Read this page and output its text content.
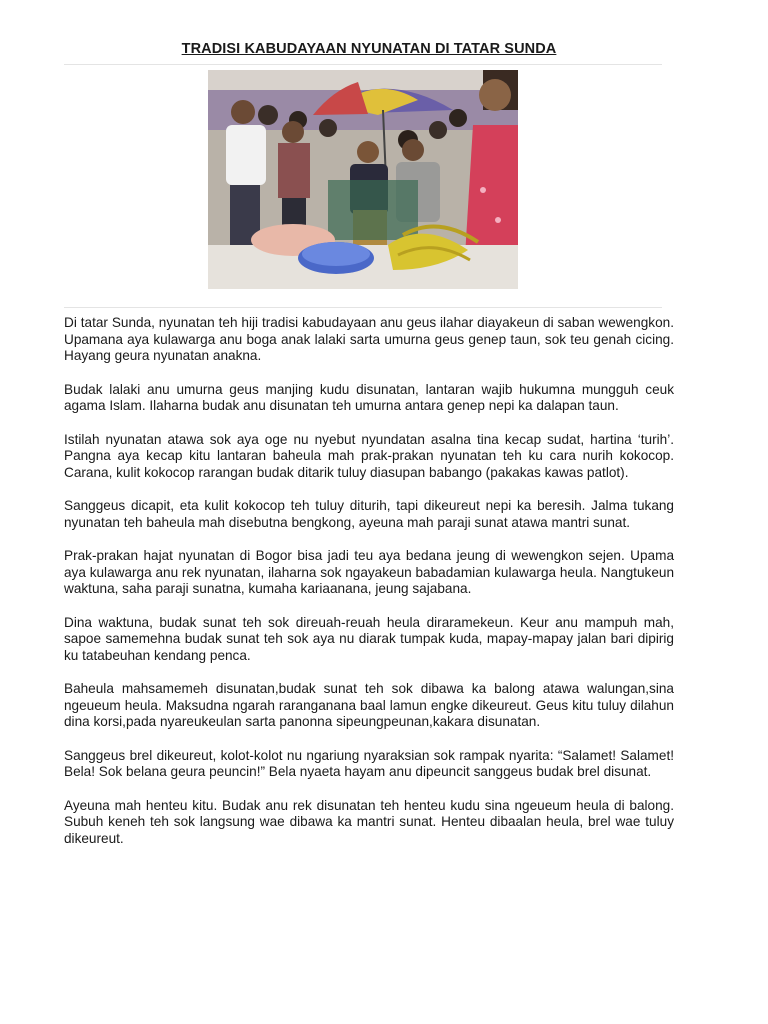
TRADISI KABUDAYAAN NYUNATAN DI TATAR SUNDA

Di tatar Sunda, nyunatan teh hiji tradisi kabudayaan anu geus ilahar diayakeun di saban wewengkon. Upamana aya kulawarga anu boga anak lalaki sarta umurna geus genep taun, sok teu genah cicing. Hayang geura nyunatan anakna.

Budak lalaki anu umurna geus manjing kudu disunatan, lantaran wajib hukumna mungguh ceuk agama Islam. Ilaharna budak anu disunatan teh umurna antara genep nepi ka dalapan taun.

Istilah nyunatan atawa sok aya oge nu nyebut nyundatan asalna tina kecap sudat, hartina ‘turih’. Pangna aya kecap kitu lantaran baheula mah prak-prakan nyunatan teh ku cara nurih kokocop. Carana, kulit kokocop rarangan budak ditarik tuluy diasupan babango (pakakas kawas patlot).

Sanggeus dicapit, eta kulit kokocop teh tuluy diturih, tapi dikeureut nepi ka beresih. Jalma tukang nyunatan teh baheula mah disebutna bengkong, ayeuna mah paraji sunat atawa mantri sunat.

Prak-prakan hajat nyunatan di Bogor bisa jadi teu aya bedana jeung di wewengkon sejen. Upama aya kulawarga anu rek nyunatan, ilaharna sok ngayakeun babadamian kulawarga heula. Nangtukeun waktuna, saha paraji sunatna, kumaha kariaanana, jeung sajabana.

Dina waktuna, budak sunat teh sok direuah-reuah heula diraramekeun. Keur anu mampuh mah, sapoe samemehna budak sunat teh sok aya nu diarak tumpak kuda, mapay-mapay jalan bari dipirig ku tatabeuhan kendang penca.

Baheula mahsamemeh disunatan,budak sunat teh sok dibawa ka balong atawa walungan,sina ngeueum heula. Maksudna ngarah raranganana baal lamun engke dikeureut. Geus kitu tuluy dilahun dina korsi,pada nyareukeulan sarta panonna sipeungpeunan,kakara disunatan.

Sanggeus brel dikeureut, kolot-kolot nu ngariung nyaraksian sok rampak nyarita: “Salamet! Salamet! Bela! Sok belana geura peuncin!” Bela nyaeta hayam anu dipeuncit sanggeus budak brel disunat.

Ayeuna mah henteu kitu. Budak anu rek disunatan teh henteu kudu sina ngeueum heula di balong. Subuh keneh teh sok langsung wae dibawa ka mantri sunat. Henteu dibaalan heula, brel wae tuluy dikeureut.
